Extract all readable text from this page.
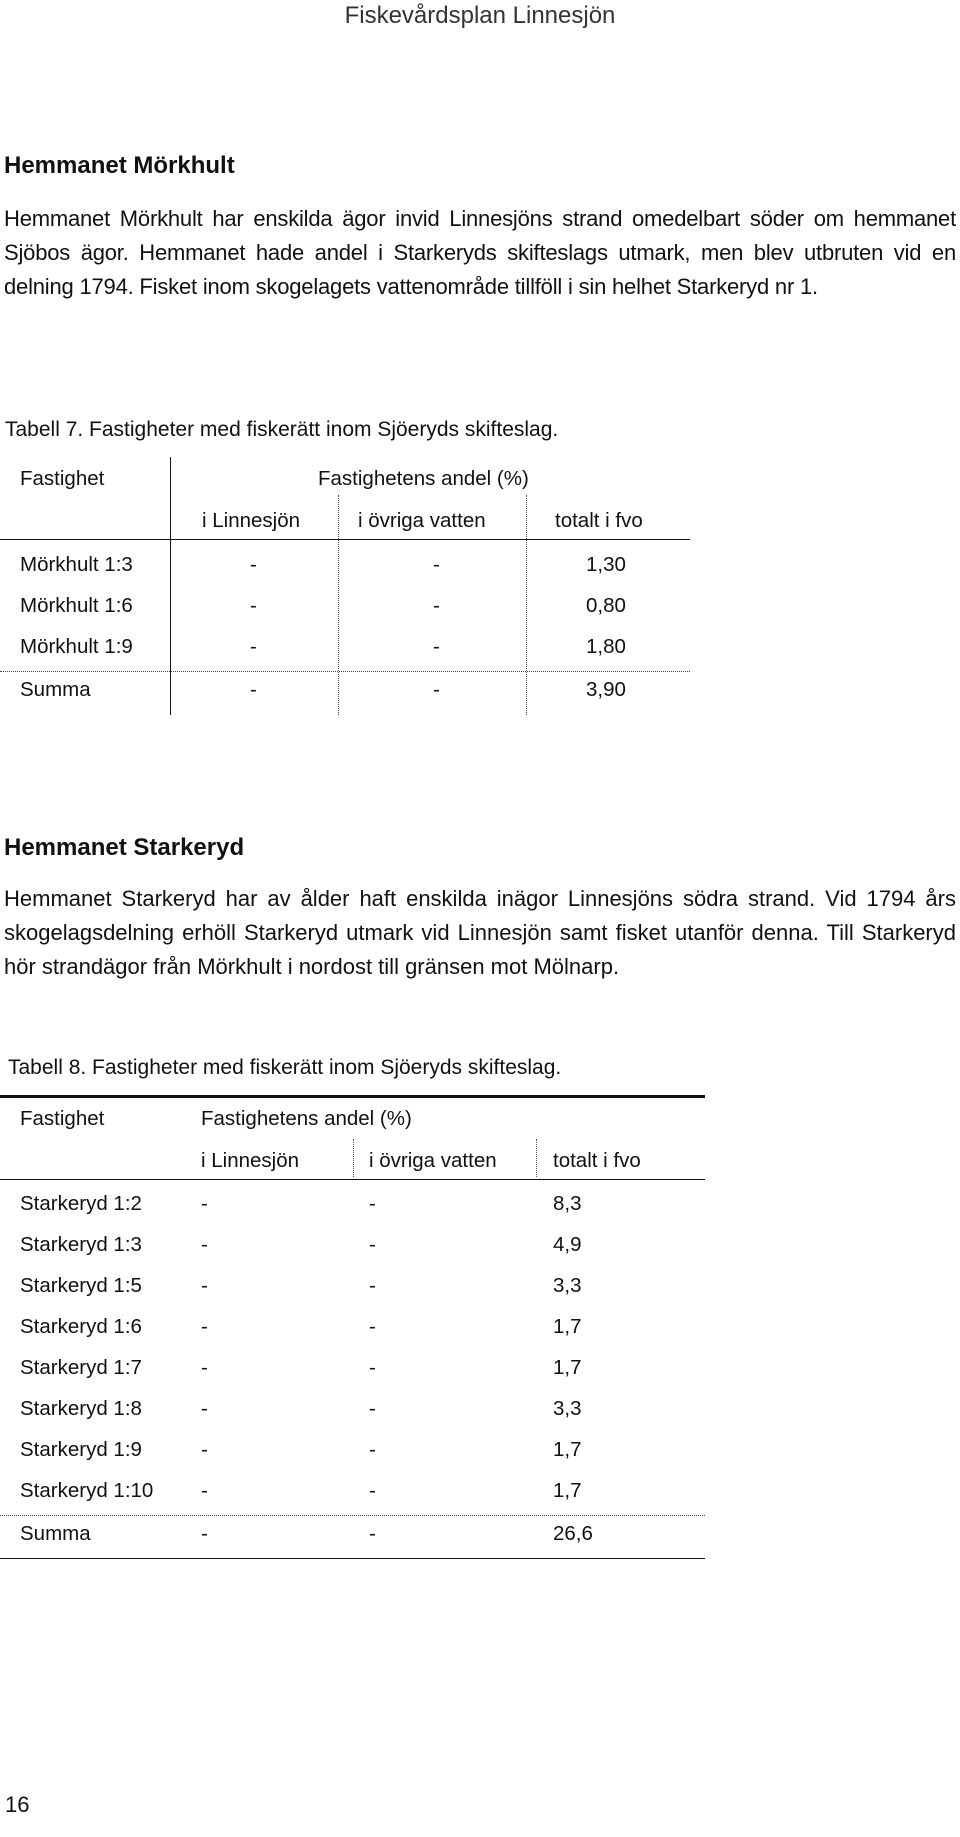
Fiskevårdsplan Linnesjön
Hemmanet Mörkhult
Hemmanet Mörkhult har enskilda ägor invid Linnesjöns strand omedelbart söder om hemmanet Sjöbos ägor. Hemmanet hade andel i Starkeryds skifteslags utmark, men blev utbruten vid en delning 1794. Fisket inom skogelagets vattenområde tillföll i sin helhet Starkeryd nr 1.
Tabell 7. Fastigheter med fiskerätt inom Sjöeryds skifteslag.
Fastighet	Fastighetens andel (%)
i Linnesjön	i övriga vatten	totalt i fvo
Mörkhult 1:3	-	-	1,30
Mörkhult 1:6	-	-	0,80
Mörkhult 1:9	-	-	1,80
Summa	-	-	3,90
Hemmanet Starkeryd
Hemmanet Starkeryd har av ålder haft enskilda inägor Linnesjöns södra strand. Vid 1794 års skogelagsdelning erhöll Starkeryd utmark vid Linnesjön samt fisket utanför denna. Till Starkeryd hör strandägor från Mörkhult i nordost till gränsen mot Mölnarp.
Tabell 8. Fastigheter med fiskerätt inom Sjöeryds skifteslag.
Fastighet	Fastighetens andel (%)
i Linnesjön	i övriga vatten	totalt i fvo
Starkeryd 1:2	-	-	8,3
Starkeryd 1:3	-	-	4,9
Starkeryd 1:5	-	-	3,3
Starkeryd 1:6	-	-	1,7
Starkeryd 1:7	-	-	1,7
Starkeryd 1:8	-	-	3,3
Starkeryd 1:9	-	-	1,7
Starkeryd 1:10 -	-	1,7
Summa	-	-	26,6
16
